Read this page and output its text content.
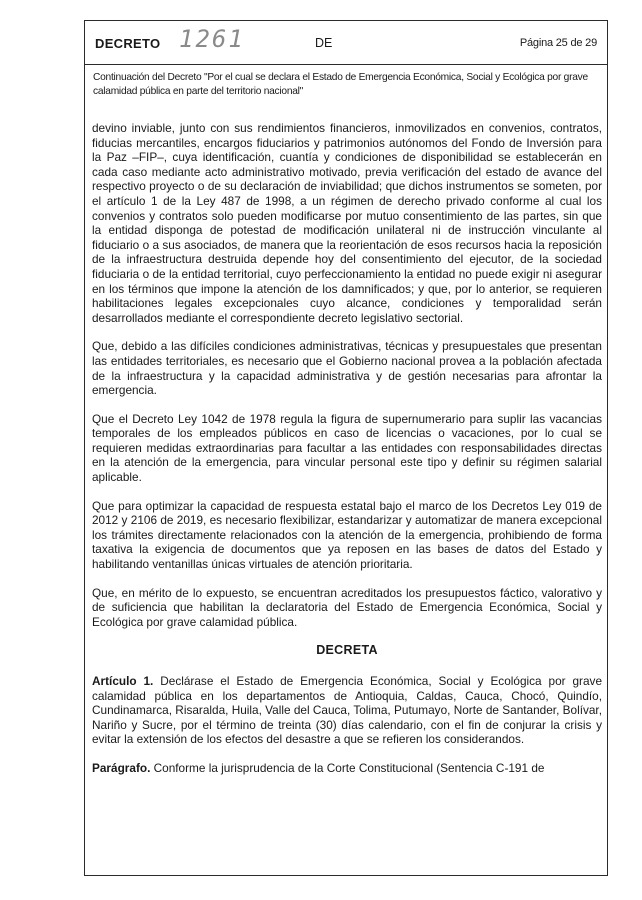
DECRETO 1261	DE	Página 25 de 29
Continuación del Decreto "Por el cual se declara el Estado de Emergencia Económica, Social y Ecológica por grave calamidad pública en parte del territorio nacional"

devino inviable, junto con sus rendimientos financieros, inmovilizados en convenios, contratos, fiducias mercantiles, encargos fiduciarios y patrimonios autónomos del Fondo de Inversión para la Paz –FIP–, cuya identificación, cuantía y condiciones de disponibilidad se establecerán en cada caso mediante acto administrativo motivado, previa verificación del estado de avance del respectivo proyecto o de su declaración de inviabilidad; que dichos instrumentos se someten, por el artículo 1 de la Ley 487 de 1998, a un régimen de derecho privado conforme al cual los convenios y contratos solo pueden modificarse por mutuo consentimiento de las partes, sin que la entidad disponga de potestad de modificación unilateral ni de instrucción vinculante al fiduciario o a sus asociados, de manera que la reorientación de esos recursos hacia la reposición de la infraestructura destruida depende hoy del consentimiento del ejecutor, de la sociedad fiduciaria o de la entidad territorial, cuyo perfeccionamiento la entidad no puede exigir ni asegurar en los términos que impone la atención de los damnificados; y que, por lo anterior, se requieren habilitaciones legales excepcionales cuyo alcance, condiciones y temporalidad serán desarrollados mediante el correspondiente decreto legislativo sectorial.

Que, debido a las difíciles condiciones administrativas, técnicas y presupuestales que presentan las entidades territoriales, es necesario que el Gobierno nacional provea a la población afectada de la infraestructura y la capacidad administrativa y de gestión necesarias para afrontar la emergencia.

Que el Decreto Ley 1042 de 1978 regula la figura de supernumerario para suplir las vacancias temporales de los empleados públicos en caso de licencias o vacaciones, por lo cual se requieren medidas extraordinarias para facultar a las entidades con responsabilidades directas en la atención de la emergencia, para vincular personal este tipo y definir su régimen salarial aplicable.

Que para optimizar la capacidad de respuesta estatal bajo el marco de los Decretos Ley 019 de 2012 y 2106 de 2019, es necesario flexibilizar, estandarizar y automatizar de manera excepcional los trámites directamente relacionados con la atención de la emergencia, prohibiendo de forma taxativa la exigencia de documentos que ya reposen en las bases de datos del Estado y habilitando ventanillas únicas virtuales de atención prioritaria.

Que, en mérito de lo expuesto, se encuentran acreditados los presupuestos fáctico, valorativo y de suficiencia que habilitan la declaratoria del Estado de Emergencia Económica, Social y Ecológica por grave calamidad pública.

DECRETA

Artículo 1. Declárase el Estado de Emergencia Económica, Social y Ecológica por grave calamidad pública en los departamentos de Antioquia, Caldas, Cauca, Chocó, Quindío, Cundinamarca, Risaralda, Huila, Valle del Cauca, Tolima, Putumayo, Norte de Santander, Bolívar, Nariño y Sucre, por el término de treinta (30) días calendario, con el fin de conjurar la crisis y evitar la extensión de los efectos del desastre a que se refieren los considerandos.

Parágrafo. Conforme la jurisprudencia de la Corte Constitucional (Sentencia C-191 de
